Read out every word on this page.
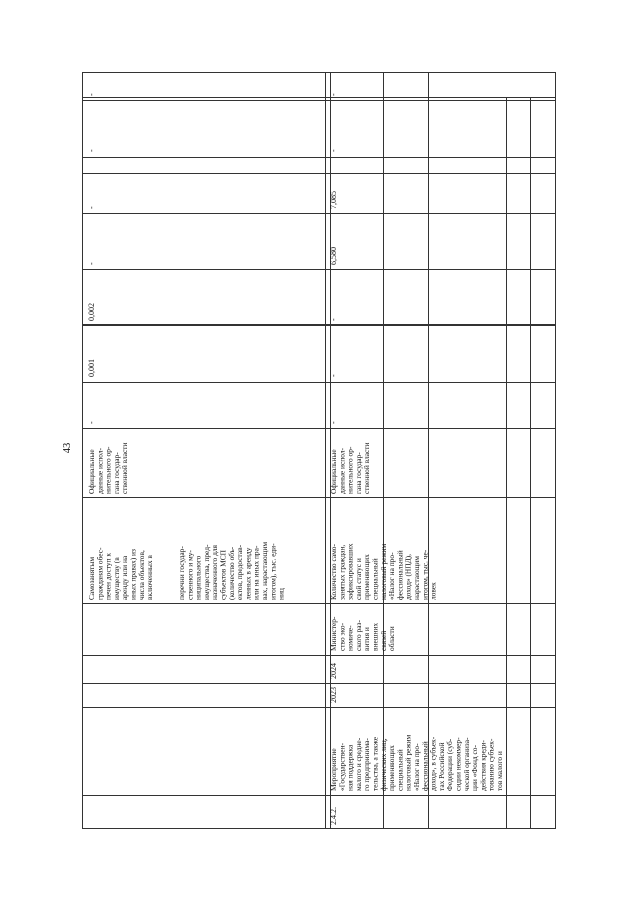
43
Самозанятым
гражданам обес-
печен доступ к
имуществу (в
аренду или на
иных правах) из
числа объектов,
включенных в
Официальные
данные испол-
нительного ор-
гана государ-
ственной власти
-
0,001
0,002
-
-
-
-
перечни государ-
ственного и му-
ниципального
имущества, пред-
назначенного для
субъектов МСП
(количество объ-
ектов, предостав-
ленных в аренду
или на иных пра-
вах, нарастающим
итогом), тыс. еди-
ниц
2.4.2.
Мероприятие
«Государствен-
ная поддержка
малого и средне-
го предпринима-
тельства, а также
физических лиц,
применяющих
специальный
налоговый режим
«Налог на про-
фессиональный
доход», в субъек-
тах Российской
Федерации (суб-
сидии некоммер-
ческой организа-
ции «Фонд со-
действия креди-
тованию субъек-
тов малого и
2023
2024
Министер-
ство эко-
номиче-
ского раз-
вития и
внешних
связей
области
Количество само-
занятых граждан,
зафиксировавших
свой статус и
применяющих
специальный
налоговый режим
«Налог на про-
фессиональный
доход» (НПД),
нарастающим
итогом, тыс. че-
ловек
Официальные
данные испол-
нительного ор-
гана государ-
ственной власти
-
-
-
6,580
7,085
-
-
